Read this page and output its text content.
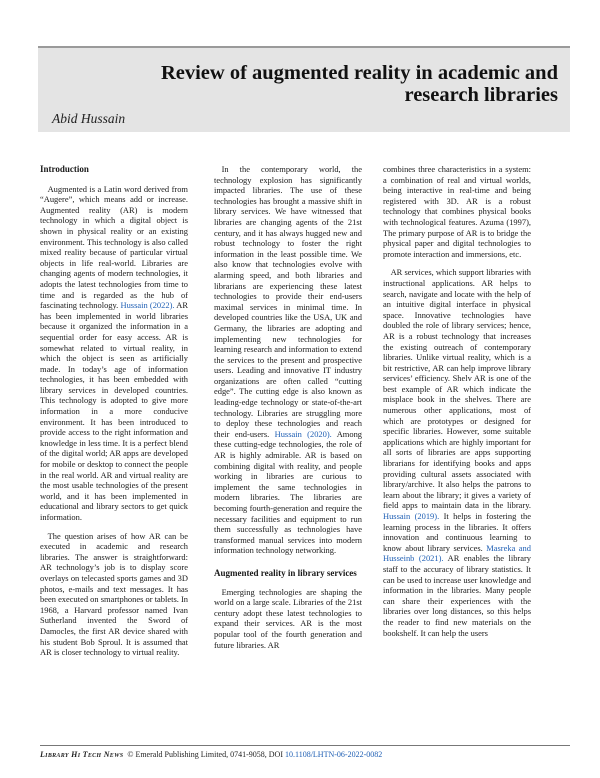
Review of augmented reality in academic and research libraries
Abid Hussain
Introduction

Augmented is a Latin word derived from “Augere”, which means add or increase. Augmented reality (AR) is modern technology in which a digital object is shown in physical reality or an existing environment. This technology is also called mixed reality because of particular virtual objects in life real-world. Libraries are changing agents of modern technologies, it adopts the latest technologies from time to time and is regarded as the hub of fascinating technology. Hussain (2022). AR has been implemented in world libraries because it organized the information in a sequential order for easy access. AR is somewhat related to virtual reality, in which the object is seen as artificially made. In today’s age of information technologies, it has been embedded with library services in developed countries. This technology is adopted to give more information in a more conducive environment. It has been introduced to provide access to the right information and knowledge in less time. It is a perfect blend of the digital world; AR apps are developed for mobile or desktop to connect the people in the real world. AR and virtual reality are the most usable technologies of the present world, and it has been implemented in educational and library sectors to get quick information.

The question arises of how AR can be executed in academic and research libraries. The answer is straightforward: AR technology’s job is to display score overlays on telecasted sports games and 3D photos, e-mails and text messages. It has been executed on smartphones or tablets. In 1968, a Harvard professor named Ivan Sutherland invented the Sword of Damocles, the first AR device shared with his student Bob Sproul. It is assumed that AR is closer technology to virtual reality.

In the contemporary world, the technology explosion has significantly impacted libraries. The use of these technologies has brought a massive shift in library services. We have witnessed that libraries are changing agents of the 21st century, and it has always hugged new and robust technology to foster the right information in the least possible time. We also know that technologies evolve with alarming speed, and both libraries and librarians are experiencing these latest technologies to provide their end-users maximal services in minimal time. In developed countries like the USA, UK and Germany, the libraries are adopting and implementing new technologies for learning research and information to extend the services to the present and prospective users. Leading and innovative IT industry organizations are often called “cutting edge”. The cutting edge is also known as leading-edge technology or state-of-the-art technology. Libraries are struggling more to deploy these technologies and reach their end-users. Hussain (2020). Among these cutting-edge technologies, the role of AR is highly admirable. AR is based on combining digital with reality, and people working in libraries are curious to implement the same technologies in modern libraries. The libraries are becoming fourth-generation and require the necessary facilities and equipment to run them successfully as technologies have transformed manual services into modern information technology networking.

Augmented reality in library services

Emerging technologies are shaping the world on a large scale. Libraries of the 21st century adopt these latest technologies to expand their services. AR is the most popular tool of the fourth generation and future libraries. AR

combines three characteristics in a system: a combination of real and virtual worlds, being interactive in real-time and being registered with 3D. AR is a robust technology that combines physical books with technological features. Azuma (1997), The primary purpose of AR is to bridge the physical paper and digital technologies to promote interaction and immersions, etc.

AR services, which support libraries with instructional applications. AR helps to search, navigate and locate with the help of an intuitive digital interface in physical space. Innovative technologies have doubled the role of library services; hence, AR is a robust technology that increases the existing outreach of contemporary libraries. Unlike virtual reality, which is a bit restrictive, AR can help improve library services’ efficiency. Shelv AR is one of the best example of AR which indicate the misplace book in the shelves. There are numerous other applications, most of which are prototypes or designed for specific libraries. However, some suitable applications which are highly important for all sorts of libraries are apps supporting librarians for identifying books and apps providing cultural assets associated with library/archive. It also helps the patrons to learn about the library; it gives a variety of field apps to maintain data in the library. Hussain (2019). It helps in fostering the learning process in the libraries. It offers innovation and continuous learning to know about library services. Masreka and Husseinb (2021). AR enables the library staff to the accuracy of library statistics. It can be used to increase user knowledge and information in the libraries. Many people can share their experiences with the libraries over long distances, so this helps the reader to find new materials on the bookshelf. It can help the users

Library Hi Tech News © Emerald Publishing Limited, 0741-9058, DOI 10.1108/LHTN-06-2022-0082
